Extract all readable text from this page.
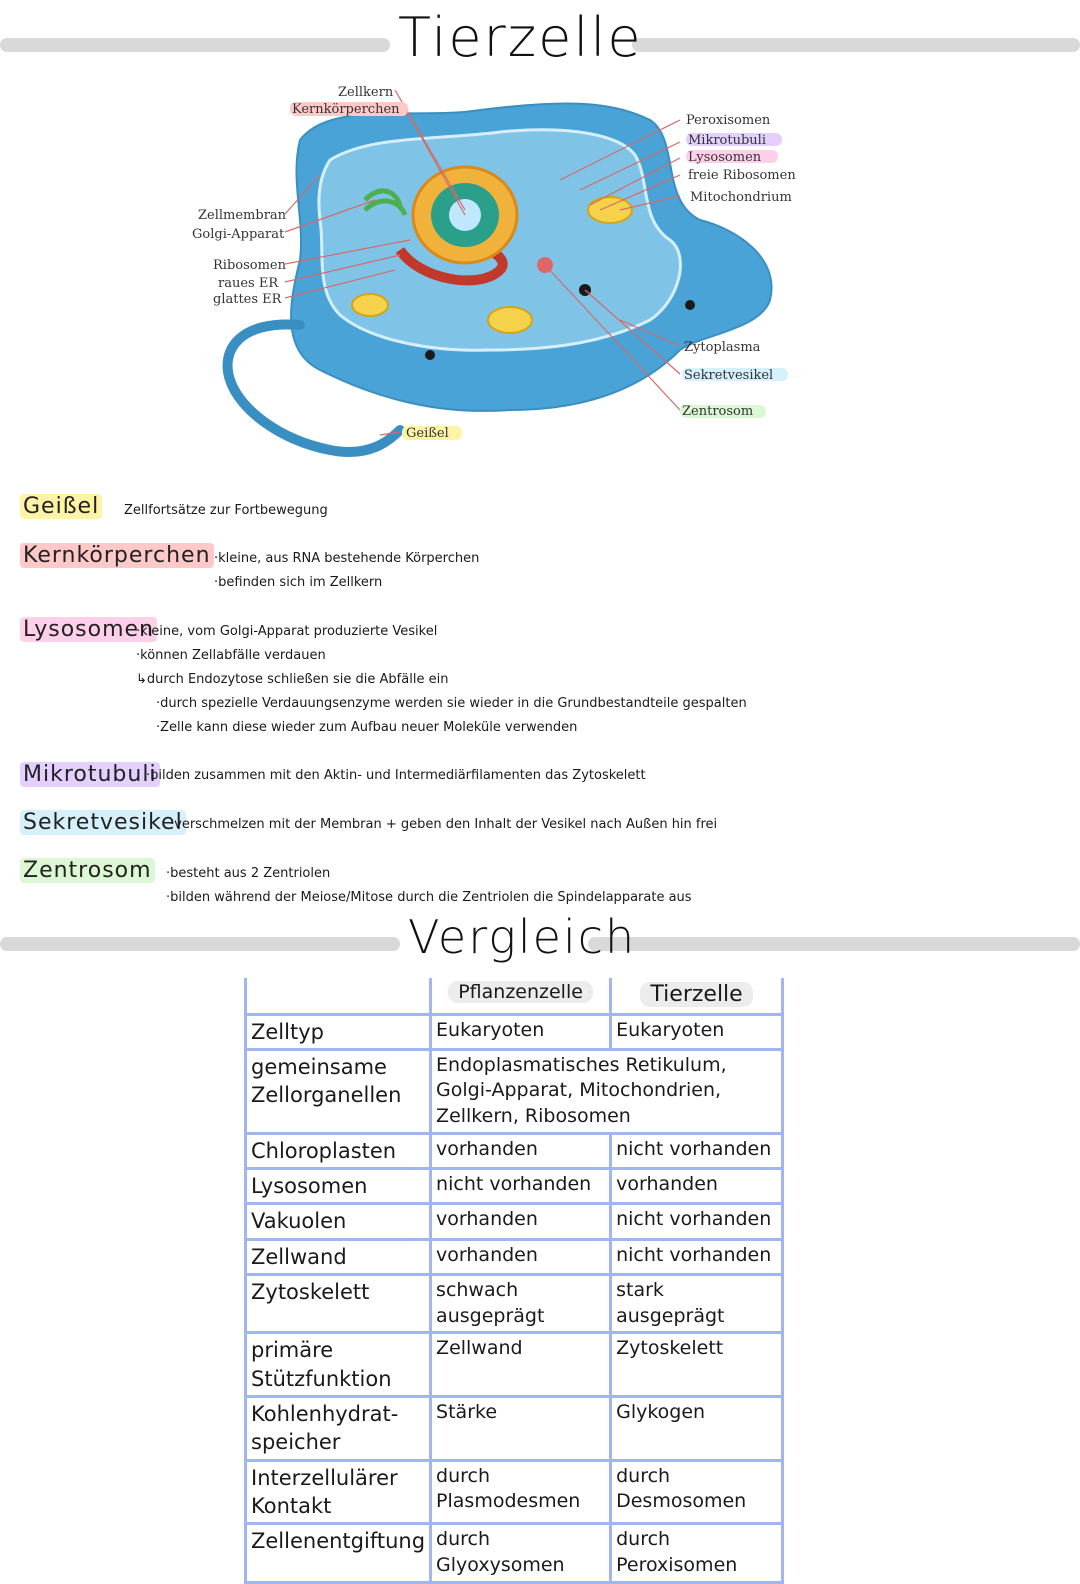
Tierzelle
Zellkern
Kernkörperchen
Zellmembran
Golgi-Apparat
Ribosomen
raues ER
glattes ER
Peroxisomen
Mikrotubuli
Lysosomen
freie Ribosomen
Mitochondrium
Zytoplasma
Sekretvesikel
Zentrosom
Geißel
Geißel Zellfortsätze zur Fortbewegung
Kernkörperchen ·kleine, aus RNA bestehende Körperchen
·befinden sich im Zellkern
Lysosomen
·kleine, vom Golgi-Apparat produzierte Vesikel
·können Zellabfälle verdauen
↳durch Endozytose schließen sie die Abfälle ein
·durch spezielle Verdauungsenzyme werden sie wieder in die Grundbestandteile gespalten
·Zelle kann diese wieder zum Aufbau neuer Moleküle verwenden
Mikrotubuli
·bilden zusammen mit den Aktin- und Intermediärfilamenten das Zytoskelett
Sekretvesikel
·verschmelzen mit der Membran + geben den Inhalt der Vesikel nach Außen hin frei
Zentrosom ·besteht aus 2 Zentriolen
·bilden während der Meiose/Mitose durch die Zentriolen die Spindelapparate aus
Vergleich
	Pflanzenzelle	Tierzelle
Zelltyp	Eukaryoten	Eukaryoten
gemeinsame Zellorganellen	Endoplasmatisches Retikulum, Golgi-Apparat, Mitochondrien, Zellkern, Ribosomen	
Chloroplasten	vorhanden	nicht vorhanden
Lysosomen	nicht vorhanden	vorhanden
Vakuolen	vorhanden	nicht vorhanden
Zellwand	vorhanden	nicht vorhanden
Zytoskelett	schwach ausgeprägt	stark ausgeprägt
primäre Stützfunktion	Zellwand	Zytoskelett
Kohlenhydrat-speicher	Stärke	Glykogen
Interzellulärer Kontakt	durch Plasmodesmen	durch Desmosomen
Zellenentgiftung	durch Glyoxysomen	durch Peroxisomen
